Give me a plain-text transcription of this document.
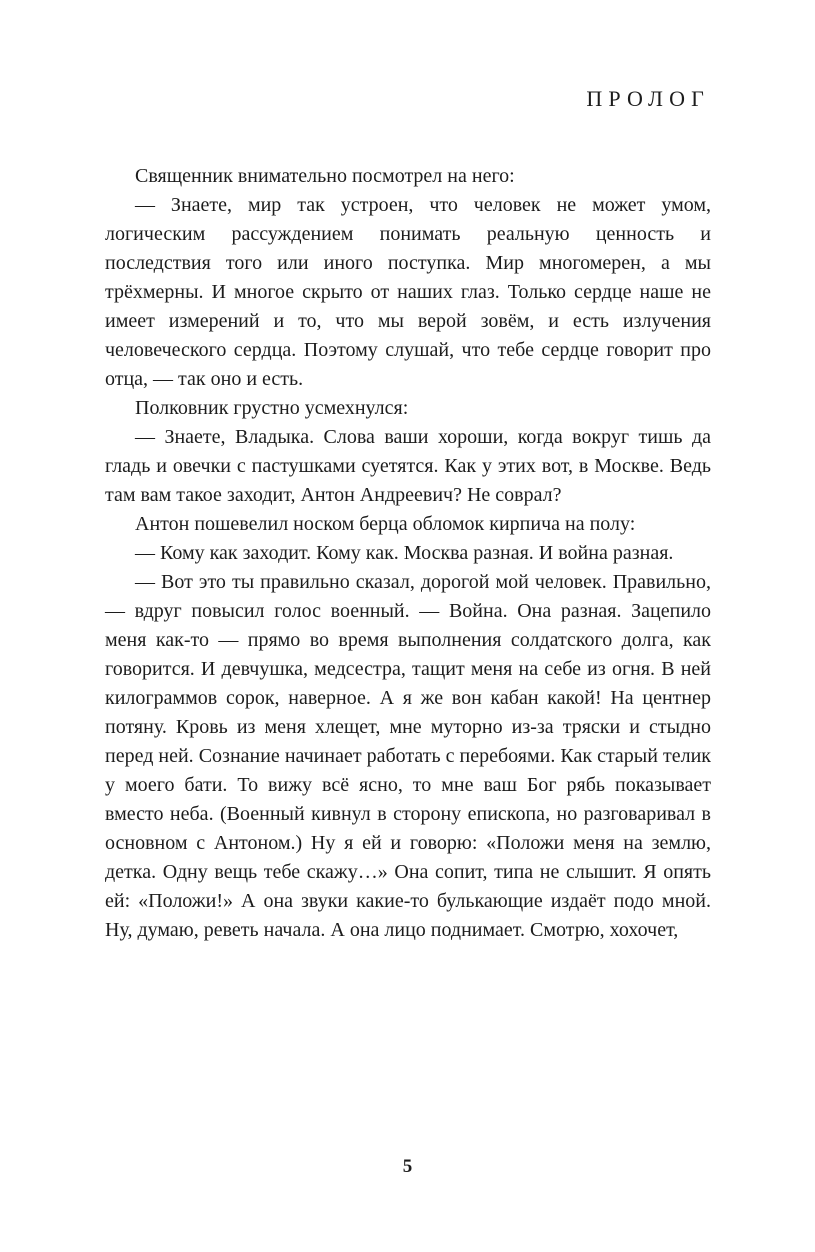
ПРОЛОГ

Священник внимательно посмотрел на него:

— Знаете, мир так устроен, что человек не может умом, логическим рассуждением понимать реальную ценность и последствия того или иного поступка. Мир многомерен, а мы трёхмерны. И многое скрыто от наших глаз. Только сердце наше не имеет измерений и то, что мы верой зовём, и есть излучения человеческого сердца. Поэтому слушай, что тебе сердце говорит про отца, — так оно и есть.

Полковник грустно усмехнулся:

— Знаете, Владыка. Слова ваши хороши, когда вокруг тишь да гладь и овечки с пастушками суетятся. Как у этих вот, в Москве. Ведь там вам такое заходит, Антон Андреевич? Не соврал?

Антон пошевелил носком берца обломок кирпича на полу:

— Кому как заходит. Кому как. Москва разная. И война разная.

— Вот это ты правильно сказал, дорогой мой человек. Правильно, — вдруг повысил голос военный. — Война. Она разная. Зацепило меня как-то — прямо во время выполнения солдатского долга, как говорится. И девчушка, медсестра, тащит меня на себе из огня. В ней килограммов сорок, наверное. А я же вон кабан какой! На центнер потяну. Кровь из меня хлещет, мне муторно из-за тряски и стыдно перед ней. Сознание начинает работать с перебоями. Как старый телик у моего бати. То вижу всё ясно, то мне ваш Бог рябь показывает вместо неба. (Военный кивнул в сторону епископа, но разговаривал в основном с Антоном.) Ну я ей и говорю: «Положи меня на землю, детка. Одну вещь тебе скажу…» Она сопит, типа не слышит. Я опять ей: «Положи!» А она звуки какие-то булькающие издаёт подо мной. Ну, думаю, реветь начала. А она лицо поднимает. Смотрю, хохочет,

5
